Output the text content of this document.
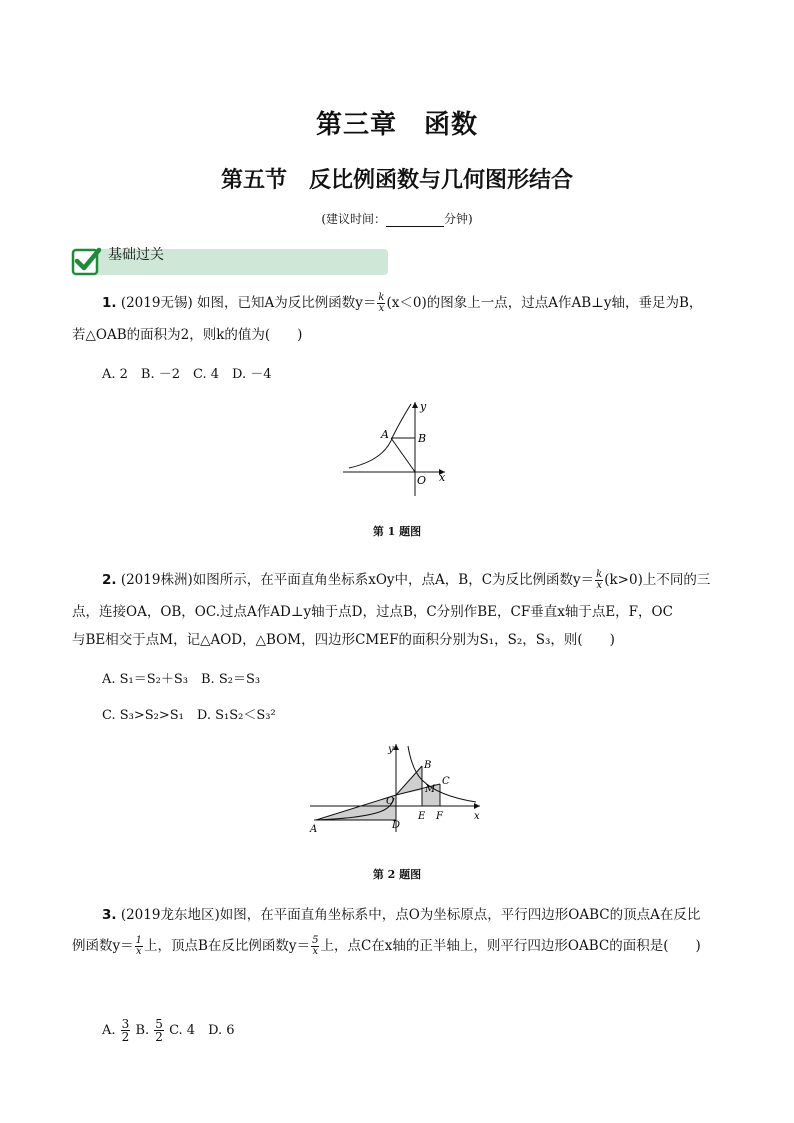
第三章　函数
第五节　反比例函数与几何图形结合
(建议时间：	分钟)
基础过关
1. (2019无锡) 如图，已知A为反比例函数$y= \frac{k}{x} (x<0)$的图象上一点，过点A作AB⊥y轴，垂足为B，
若△OAB的面积为2，则k的值为(　　)
A. 2　B. －2　C. 4　D. －4
A	B
O x
y
第 1 题图
2. (2019株洲)如图所示，在平面直角坐标系xOy中，点A，B，C为反比例函数$y= \frac{k}{x} (k>0)$上不同的三
点，连接OA，OB，OC.过点A作AD⊥y轴于点D，过点B，C分别作BE，CF垂直x轴于点E，F，OC
与BE相交于点M，记△AOD，△BOM，四边形CMEF的面积分别为S₁，S₂，S₃，则(　　)
A. S₁＝S₂＋S₃　B. S₂＝S₃
C. S₃>S₂>S₁　D. S₁S₂＜S₃²
A
B
C
D
E F
M
O
x
y
第 2 题图
3. (2019龙东地区)如图，在平面直角坐标系中，点O为坐标原点，平行四边形OABC的顶点A在反比
例函数$y= \frac{1}{x}$ 上，顶点B在反比例函数$y= \frac{5}{x}$ 上，点C在x轴的正半轴上，则平行四边形OABC的面积是(　　)
A. $\frac{3}{2} B$. $\frac{5}{2} C$. 4　D. 6
